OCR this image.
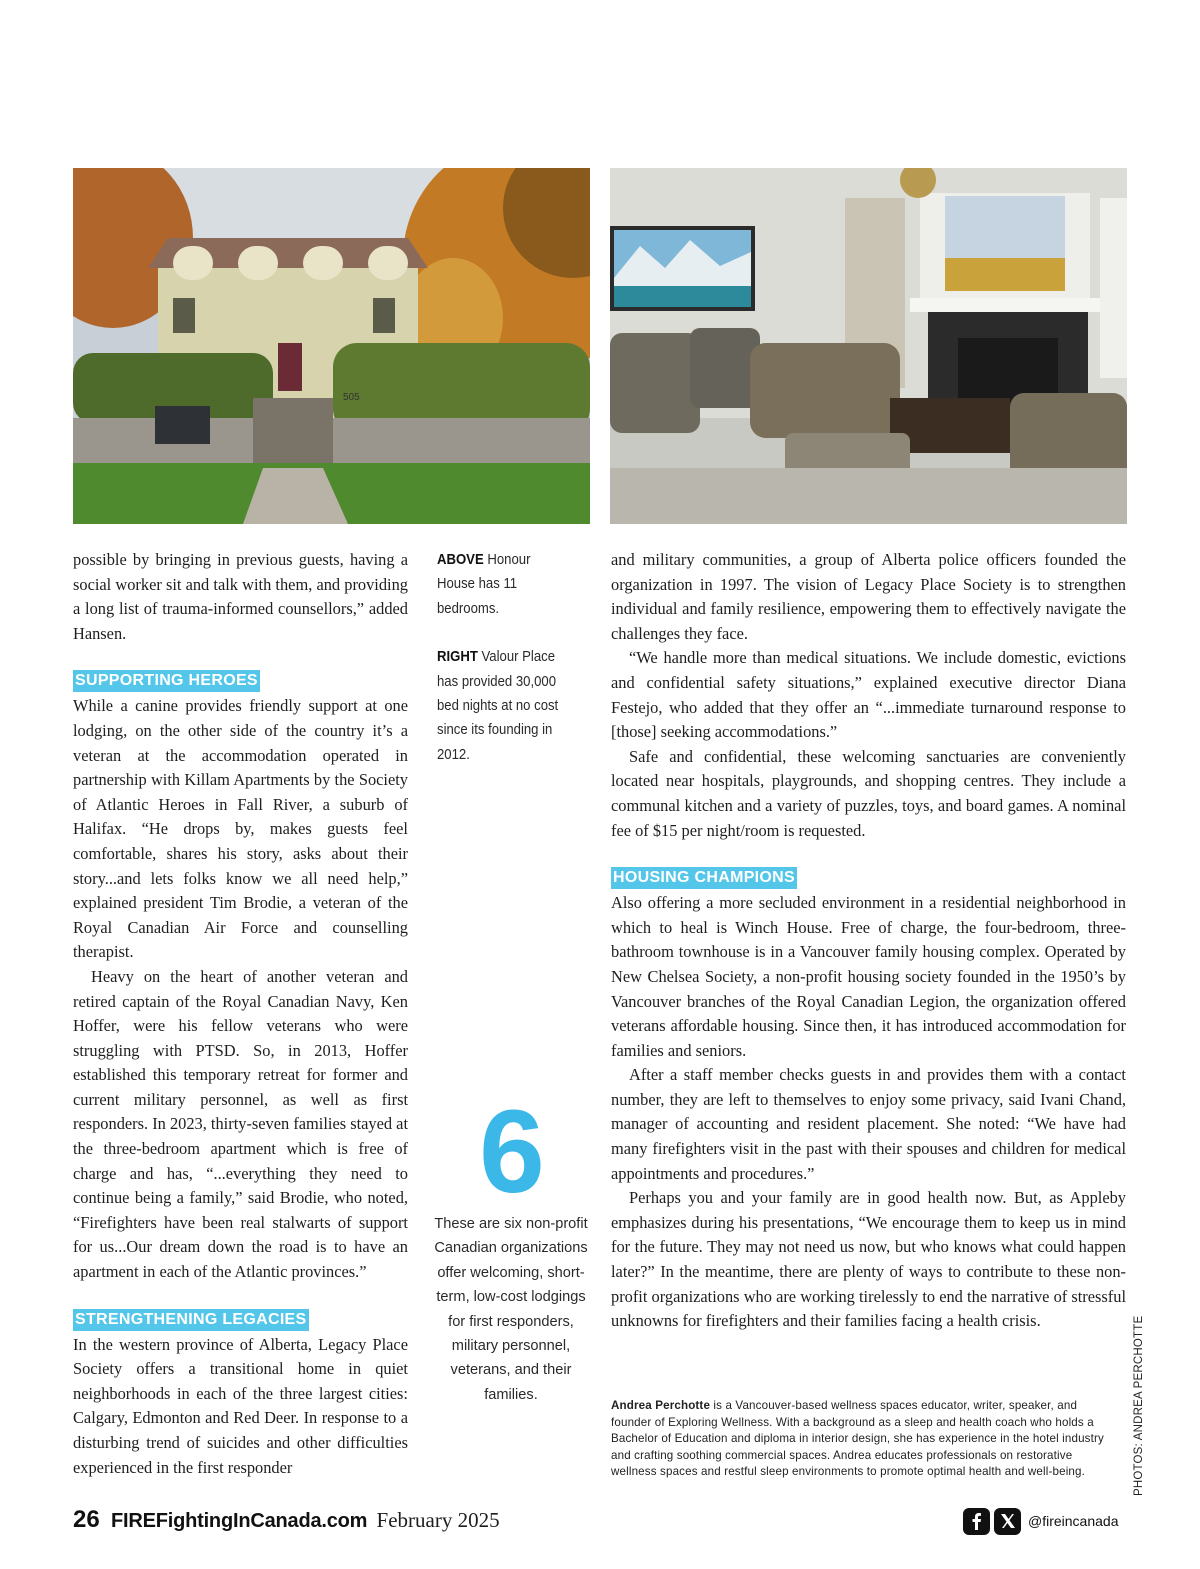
505

possible by bringing in previous guests, having a social worker sit and talk with them, and providing a long list of trauma-informed counsellors,” added Hansen.

SUPPORTING HEROES

While a canine provides friendly support at one lodging, on the other side of the country it’s a veteran at the accommodation operated in partnership with Killam Apartments by the Society of Atlantic Heroes in Fall River, a suburb of Halifax. “He drops by, makes guests feel comfortable, shares his story, asks about their story...and lets folks know we all need help,” explained president Tim Brodie, a veteran of the Royal Canadian Air Force and counselling therapist.

Heavy on the heart of another veteran and retired captain of the Royal Canadian Navy, Ken Hoffer, were his fellow veterans who were struggling with PTSD. So, in 2013, Hoffer established this temporary retreat for former and current military personnel, as well as first responders. In 2023, thirty-seven families stayed at the three-bedroom apartment which is free of charge and has, “...everything they need to continue being a family,” said Brodie, who noted, “Firefighters have been real stalwarts of support for us...Our dream down the road is to have an apartment in each of the Atlantic provinces.”

STRENGTHENING LEGACIES

In the western province of Alberta, Legacy Place Society offers a transitional home in quiet neighborhoods in each of the three largest cities: Calgary, Edmonton and Red Deer. In response to a disturbing trend of suicides and other difficulties experienced in the first responder

ABOVE Honour House has 11 bedrooms.

RIGHT Valour Place has provided 30,000 bed nights at no cost since its founding in 2012.

6
These are six non-profit Canadian organizations offer welcoming, short-term, low-cost lodgings for first responders, military personnel, veterans, and their families.

and military communities, a group of Alberta police officers founded the organization in 1997. The vision of Legacy Place Society is to strengthen individual and family resilience, empowering them to effectively navigate the challenges they face.

“We handle more than medical situations. We include domestic, evictions and confidential safety situations,” explained executive director Diana Festejo, who added that they offer an “...immediate turnaround response to [those] seeking accommodations.”

Safe and confidential, these welcoming sanctuaries are conveniently located near hospitals, playgrounds, and shopping centres. They include a communal kitchen and a variety of puzzles, toys, and board games. A nominal fee of $15 per night/room is requested.

HOUSING CHAMPIONS

Also offering a more secluded environment in a residential neighborhood in which to heal is Winch House. Free of charge, the four-bedroom, three-bathroom townhouse is in a Vancouver family housing complex. Operated by New Chelsea Society, a non-profit housing society founded in the 1950’s by Vancouver branches of the Royal Canadian Legion, the organization offered veterans affordable housing. Since then, it has introduced accommodation for families and seniors.

After a staff member checks guests in and provides them with a contact number, they are left to themselves to enjoy some privacy, said Ivani Chand, manager of accounting and resident placement. She noted: “We have had many firefighters visit in the past with their spouses and children for medical appointments and procedures.”

Perhaps you and your family are in good health now. But, as Appleby emphasizes during his presentations, “We encourage them to keep us in mind for the future. They may not need us now, but who knows what could happen later?” In the meantime, there are plenty of ways to contribute to these non-profit organizations who are working tirelessly to end the narrative of stressful unknowns for firefighters and their families facing a health crisis.

Andrea Perchotte is a Vancouver-based wellness spaces educator, writer, speaker, and founder of Exploring Wellness. With a background as a sleep and health coach who holds a Bachelor of Education and diploma in interior design, she has experience in the hotel industry and crafting soothing commercial spaces. Andrea educates professionals on restorative wellness spaces and restful sleep environments to promote optimal health and well-being.	PHOTOS: ANDREA PERCHOTTE
26 FIREFightingInCanada.com February 2025	@fireincanada
